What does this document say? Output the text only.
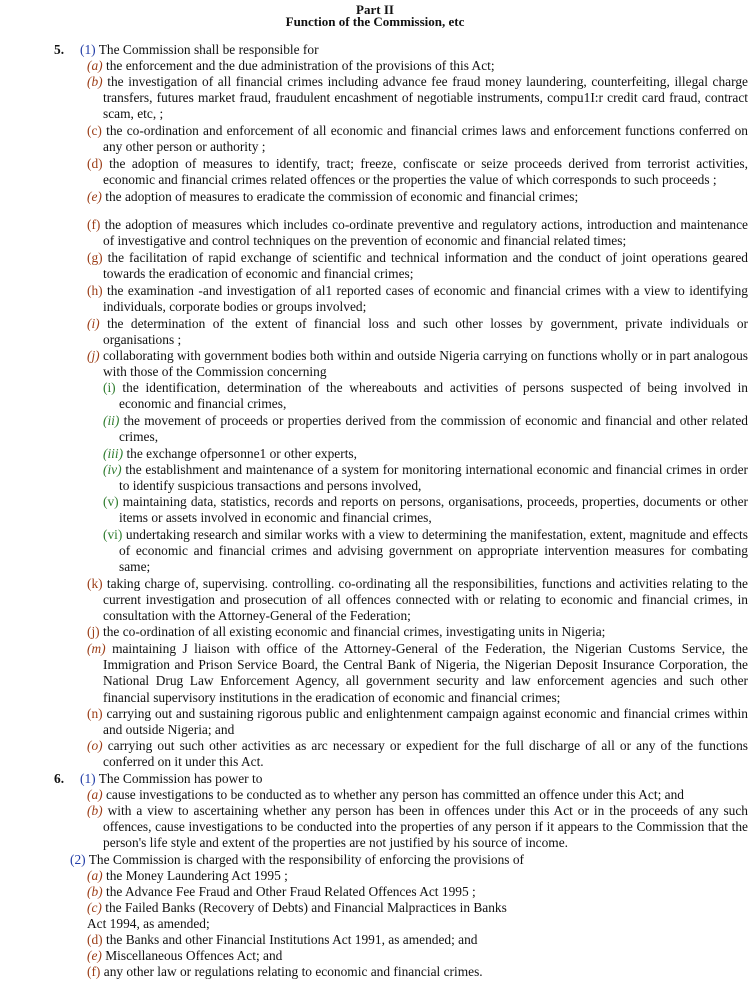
Part II
Function of the Commission, etc
5. (1) The Commission shall be responsible for
(a) the enforcement and the due administration of the provisions of this Act;
(b) the investigation of all financial crimes including advance fee fraud money laundering, counterfeiting, illegal charge transfers, futures market fraud, fraudulent encashment of negotiable instruments, compu1I:r credit card fraud, contract scam, etc, ;
(c) the co-ordination and enforcement of all economic and financial crimes laws and enforcement functions conferred on any other person or authority ;
(d) the adoption of measures to identify, tract; freeze, confiscate or seize proceeds derived from terrorist activities, economic and financial crimes related offences or the properties the value of which corresponds to such proceeds ;
(e) the adoption of measures to eradicate the commission of economic and financial crimes;
(f) the adoption of measures which includes co-ordinate preventive and regulatory actions, introduction and maintenance of investigative and control techniques on the prevention of economic and financial related times;
(g) the facilitation of rapid exchange of scientific and technical information and the conduct of joint operations geared towards the eradication of economic and financial crimes;
(h) the examination -and investigation of al1 reported cases of economic and financial crimes with a view to identifying individuals, corporate bodies or groups involved;
(i) the determination of the extent of financial loss and such other losses by government, private individuals or organisations ;
(j) collaborating with government bodies both within and outside Nigeria carrying on functions wholly or in part analogous with those of the Commission concerning
(i) the identification, determination of the whereabouts and activities of persons suspected of being involved in economic and financial crimes,
(ii) the movement of proceeds or properties derived from the commission of economic and financial and other related crimes,
(iii) the exchange ofpersonne1 or other experts,
(iv) the establishment and maintenance of a system for monitoring international economic and financial crimes in order to identify suspicious transactions and persons involved,
(v) maintaining data, statistics, records and reports on persons, organisations, proceeds, properties, documents or other items or assets involved in economic and financial crimes,
(vi) undertaking research and similar works with a view to determining the manifestation, extent, magnitude and effects of economic and financial crimes and advising government on appropriate intervention measures for combating same;
(k) taking charge of, supervising. controlling. co-ordinating all the responsibilities, functions and activities relating to the current investigation and prosecution of all offences connected with or relating to economic and financial crimes, in consultation with the Attorney-General of the Federation;
(j) the co-ordination of all existing economic and financial crimes, investigating units in Nigeria;
(m) maintaining J liaison with office of the Attorney-General of the Federation, the Nigerian Customs Service, the Immigration and Prison Service Board, the Central Bank of Nigeria, the Nigerian Deposit Insurance Corporation, the National Drug Law Enforcement Agency, all government security and law enforcement agencies and such other financial supervisory institutions in the eradication of economic and financial crimes;
(n) carrying out and sustaining rigorous public and enlightenment campaign against economic and financial crimes within and outside Nigeria; and
(o) carrying out such other activities as arc necessary or expedient for the full discharge of all or any of the functions conferred on it under this Act.
6. (1) The Commission has power to
(a) cause investigations to be conducted as to whether any person has committed an offence under this Act; and
(b) with a view to ascertaining whether any person has been in offences under this Act or in the proceeds of any such offences, cause investigations to be conducted into the properties of any person if it appears to the Commission that the person's life style and extent of the properties are not justified by his source of income.
(2) The Commission is charged with the responsibility of enforcing the provisions of
(a) the Money Laundering Act 1995 ;
(b) the Advance Fee Fraud and Other Fraud Related Offences Act 1995 ;
(c) the Failed Banks (Recovery of Debts) and Financial Malpractices in Banks
Act 1994, as amended;
(d) the Banks and other Financial Institutions Act 1991, as amended; and
(e) Miscellaneous Offences Act; and
(f) any other law or regulations relating to economic and financial crimes.
